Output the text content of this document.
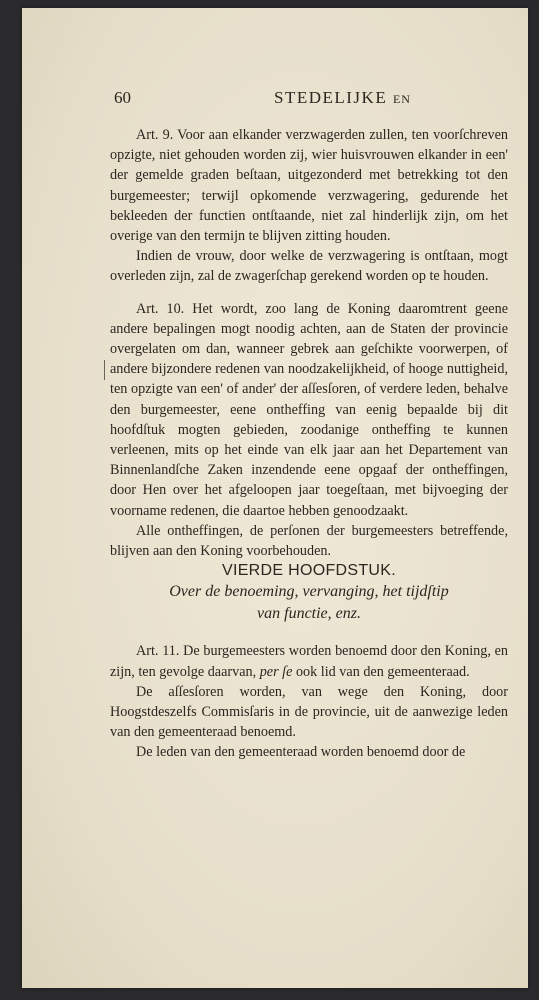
60	STEDELIJKE EN

Art. 9. Voor aan elkander verzwagerden zullen, ten voorſchreven opzigte, niet gehouden worden zij, wier huisvrouwen elkander in een' der gemelde graden beſtaan, uitgezonderd met betrekking tot den burgemeester; terwijl opkomende verzwagering, gedurende het bekleeden der functien ontſtaande, niet zal hinderlijk zijn, om het overige van den termijn te blijven zitting houden.

Indien de vrouw, door welke de verzwagering is ontſtaan, mogt overleden zijn, zal de zwagerſchap gerekend worden op te houden.

Art. 10. Het wordt, zoo lang de Koning daaromtrent geene andere bepalingen mogt noodig achten, aan de Staten der provincie overgelaten om dan, wanneer gebrek aan geſchikte voorwerpen, of andere bijzondere redenen van noodzakelijkheid, of hooge nuttigheid, ten opzigte van een' of ander' der aſſesſoren, of verdere leden, behalve den burgemeester, eene ontheffing van eenig bepaalde bij dit hoofdſtuk mogten gebieden, zoodanige ontheffing te kunnen verleenen, mits op het einde van elk jaar aan het Departement van Binnenlandſche Zaken inzendende eene opgaaf der ontheffingen, door Hen over het afgeloopen jaar toegeſtaan, met bijvoeging der voorname redenen, die daartoe hebben genoodzaakt.

Alle ontheffingen, de perſonen der burgemeesters betreffende, blijven aan den Koning voorbehouden.

VIERDE HOOFDSTUK.

Over de benoeming, vervanging, het tijdſtip
van functie, enz.

Art. 11. De burgemeesters worden benoemd door den Koning, en zijn, ten gevolge daarvan, per ſe ook lid van den gemeenteraad.

De aſſesſoren worden, van wege den Koning, door Hoogstdeszelfs Commisſaris in de provincie, uit de aanwezige leden van den gemeenteraad benoemd.

De leden van den gemeenteraad worden benoemd door de
